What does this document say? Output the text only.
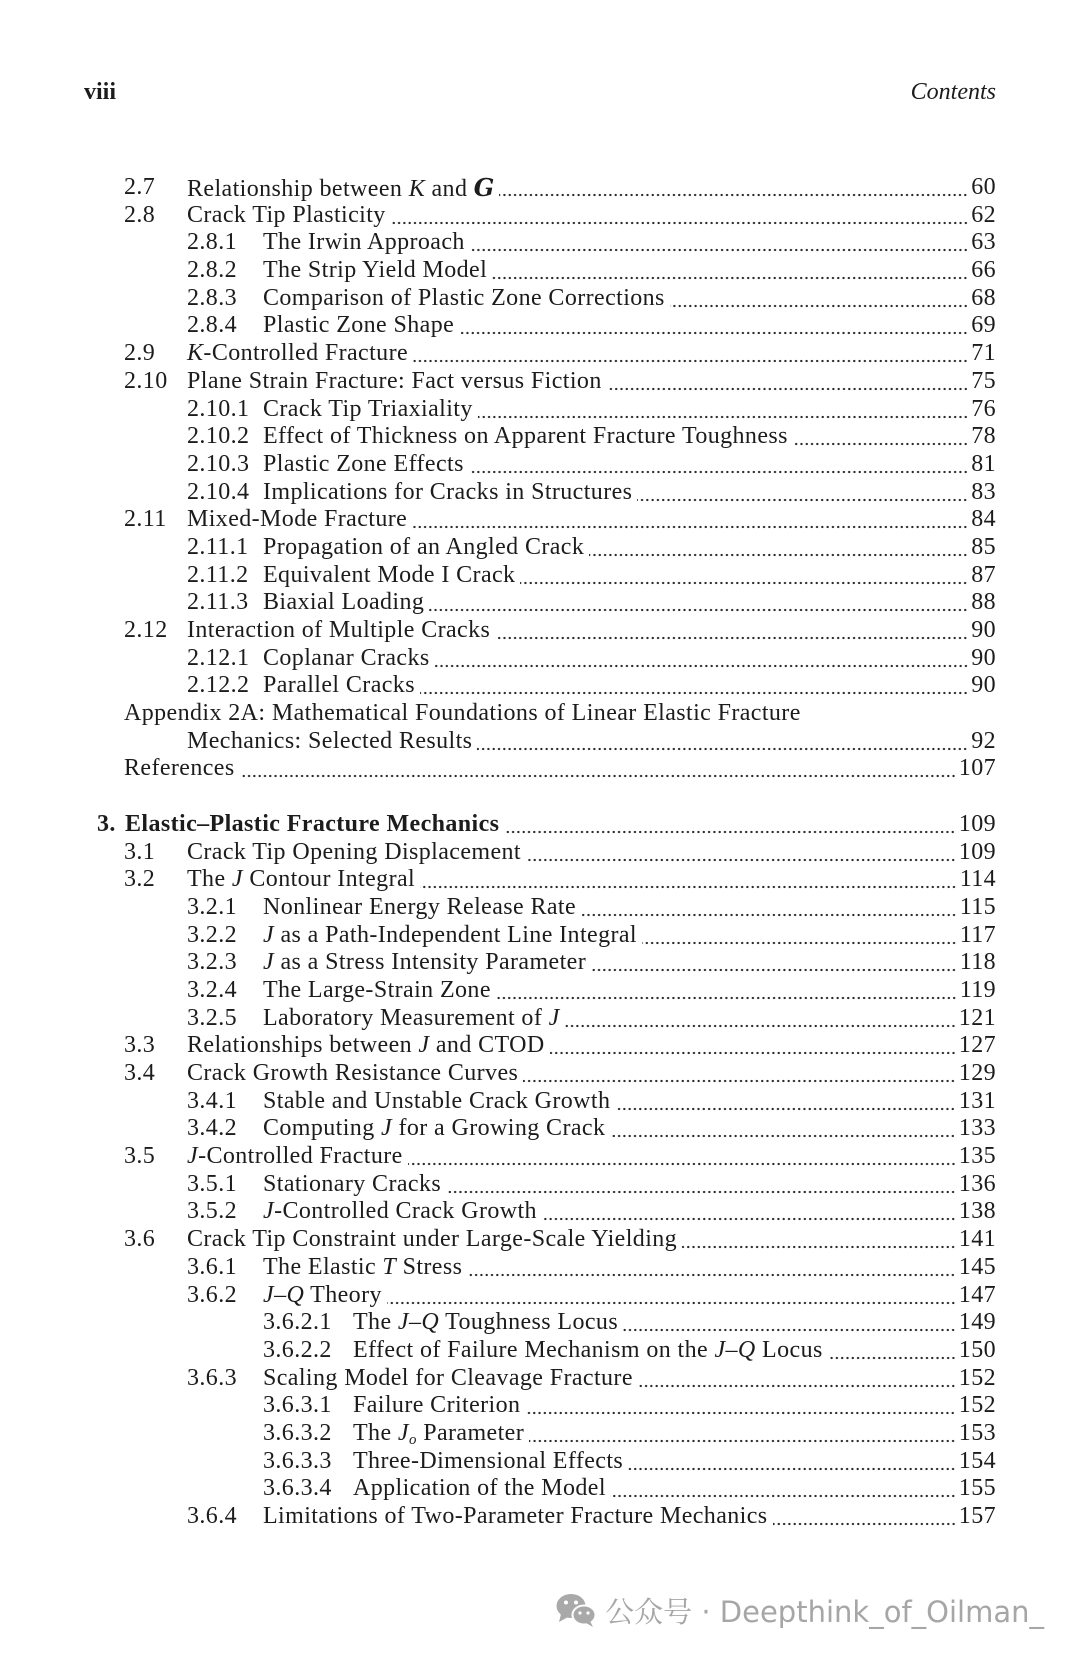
viii	Contents
2.7 Relationship between K and G	60
2.8 Crack Tip Plasticity	62
2.8.1 The Irwin Approach	63
2.8.2 The Strip Yield Model	66
2.8.3 Comparison of Plastic Zone Corrections	68
2.8.4 Plastic Zone Shape	69
2.9 K-Controlled Fracture	71
2.10 Plane Strain Fracture: Fact versus Fiction	75
2.10.1 Crack Tip Triaxiality	76
2.10.2 Effect of Thickness on Apparent Fracture Toughness	78
2.10.3 Plastic Zone Effects	81
2.10.4 Implications for Cracks in Structures	83
2.11 Mixed-Mode Fracture	84
2.11.1 Propagation of an Angled Crack	85
2.11.2 Equivalent Mode I Crack	87
2.11.3 Biaxial Loading	88
2.12 Interaction of Multiple Cracks	90
2.12.1 Coplanar Cracks	90
2.12.2 Parallel Cracks	90
Appendix 2A: Mathematical Foundations of Linear Elastic Fracture
Mechanics: Selected Results	92
References	107
3. Elastic–Plastic Fracture Mechanics	109
3.1 Crack Tip Opening Displacement	109
3.2 The J Contour Integral	114
3.2.1 Nonlinear Energy Release Rate	115
3.2.2 J as a Path-Independent Line Integral	117
3.2.3 J as a Stress Intensity Parameter	118
3.2.4 The Large-Strain Zone	119
3.2.5 Laboratory Measurement of J	121
3.3 Relationships between J and CTOD	127
3.4 Crack Growth Resistance Curves	129
3.4.1 Stable and Unstable Crack Growth	131
3.4.2 Computing J for a Growing Crack	133
3.5 J-Controlled Fracture	135
3.5.1 Stationary Cracks	136
3.5.2 J-Controlled Crack Growth	138
3.6 Crack Tip Constraint under Large-Scale Yielding	141
3.6.1 The Elastic T Stress	145
3.6.2 J–Q Theory	147
3.6.2.1 The J–Q Toughness Locus	149
3.6.2.2 Effect of Failure Mechanism on the J–Q Locus	150
3.6.3 Scaling Model for Cleavage Fracture	152
3.6.3.1 Failure Criterion	152
3.6.3.2 The $J_o$ Parameter	153
3.6.3.3 Three-Dimensional Effects	154
3.6.3.4 Application of the Model	155
3.6.4 Limitations of Two-Parameter Fracture Mechanics	157
公众号 · Deepthink_of_Oilman_
